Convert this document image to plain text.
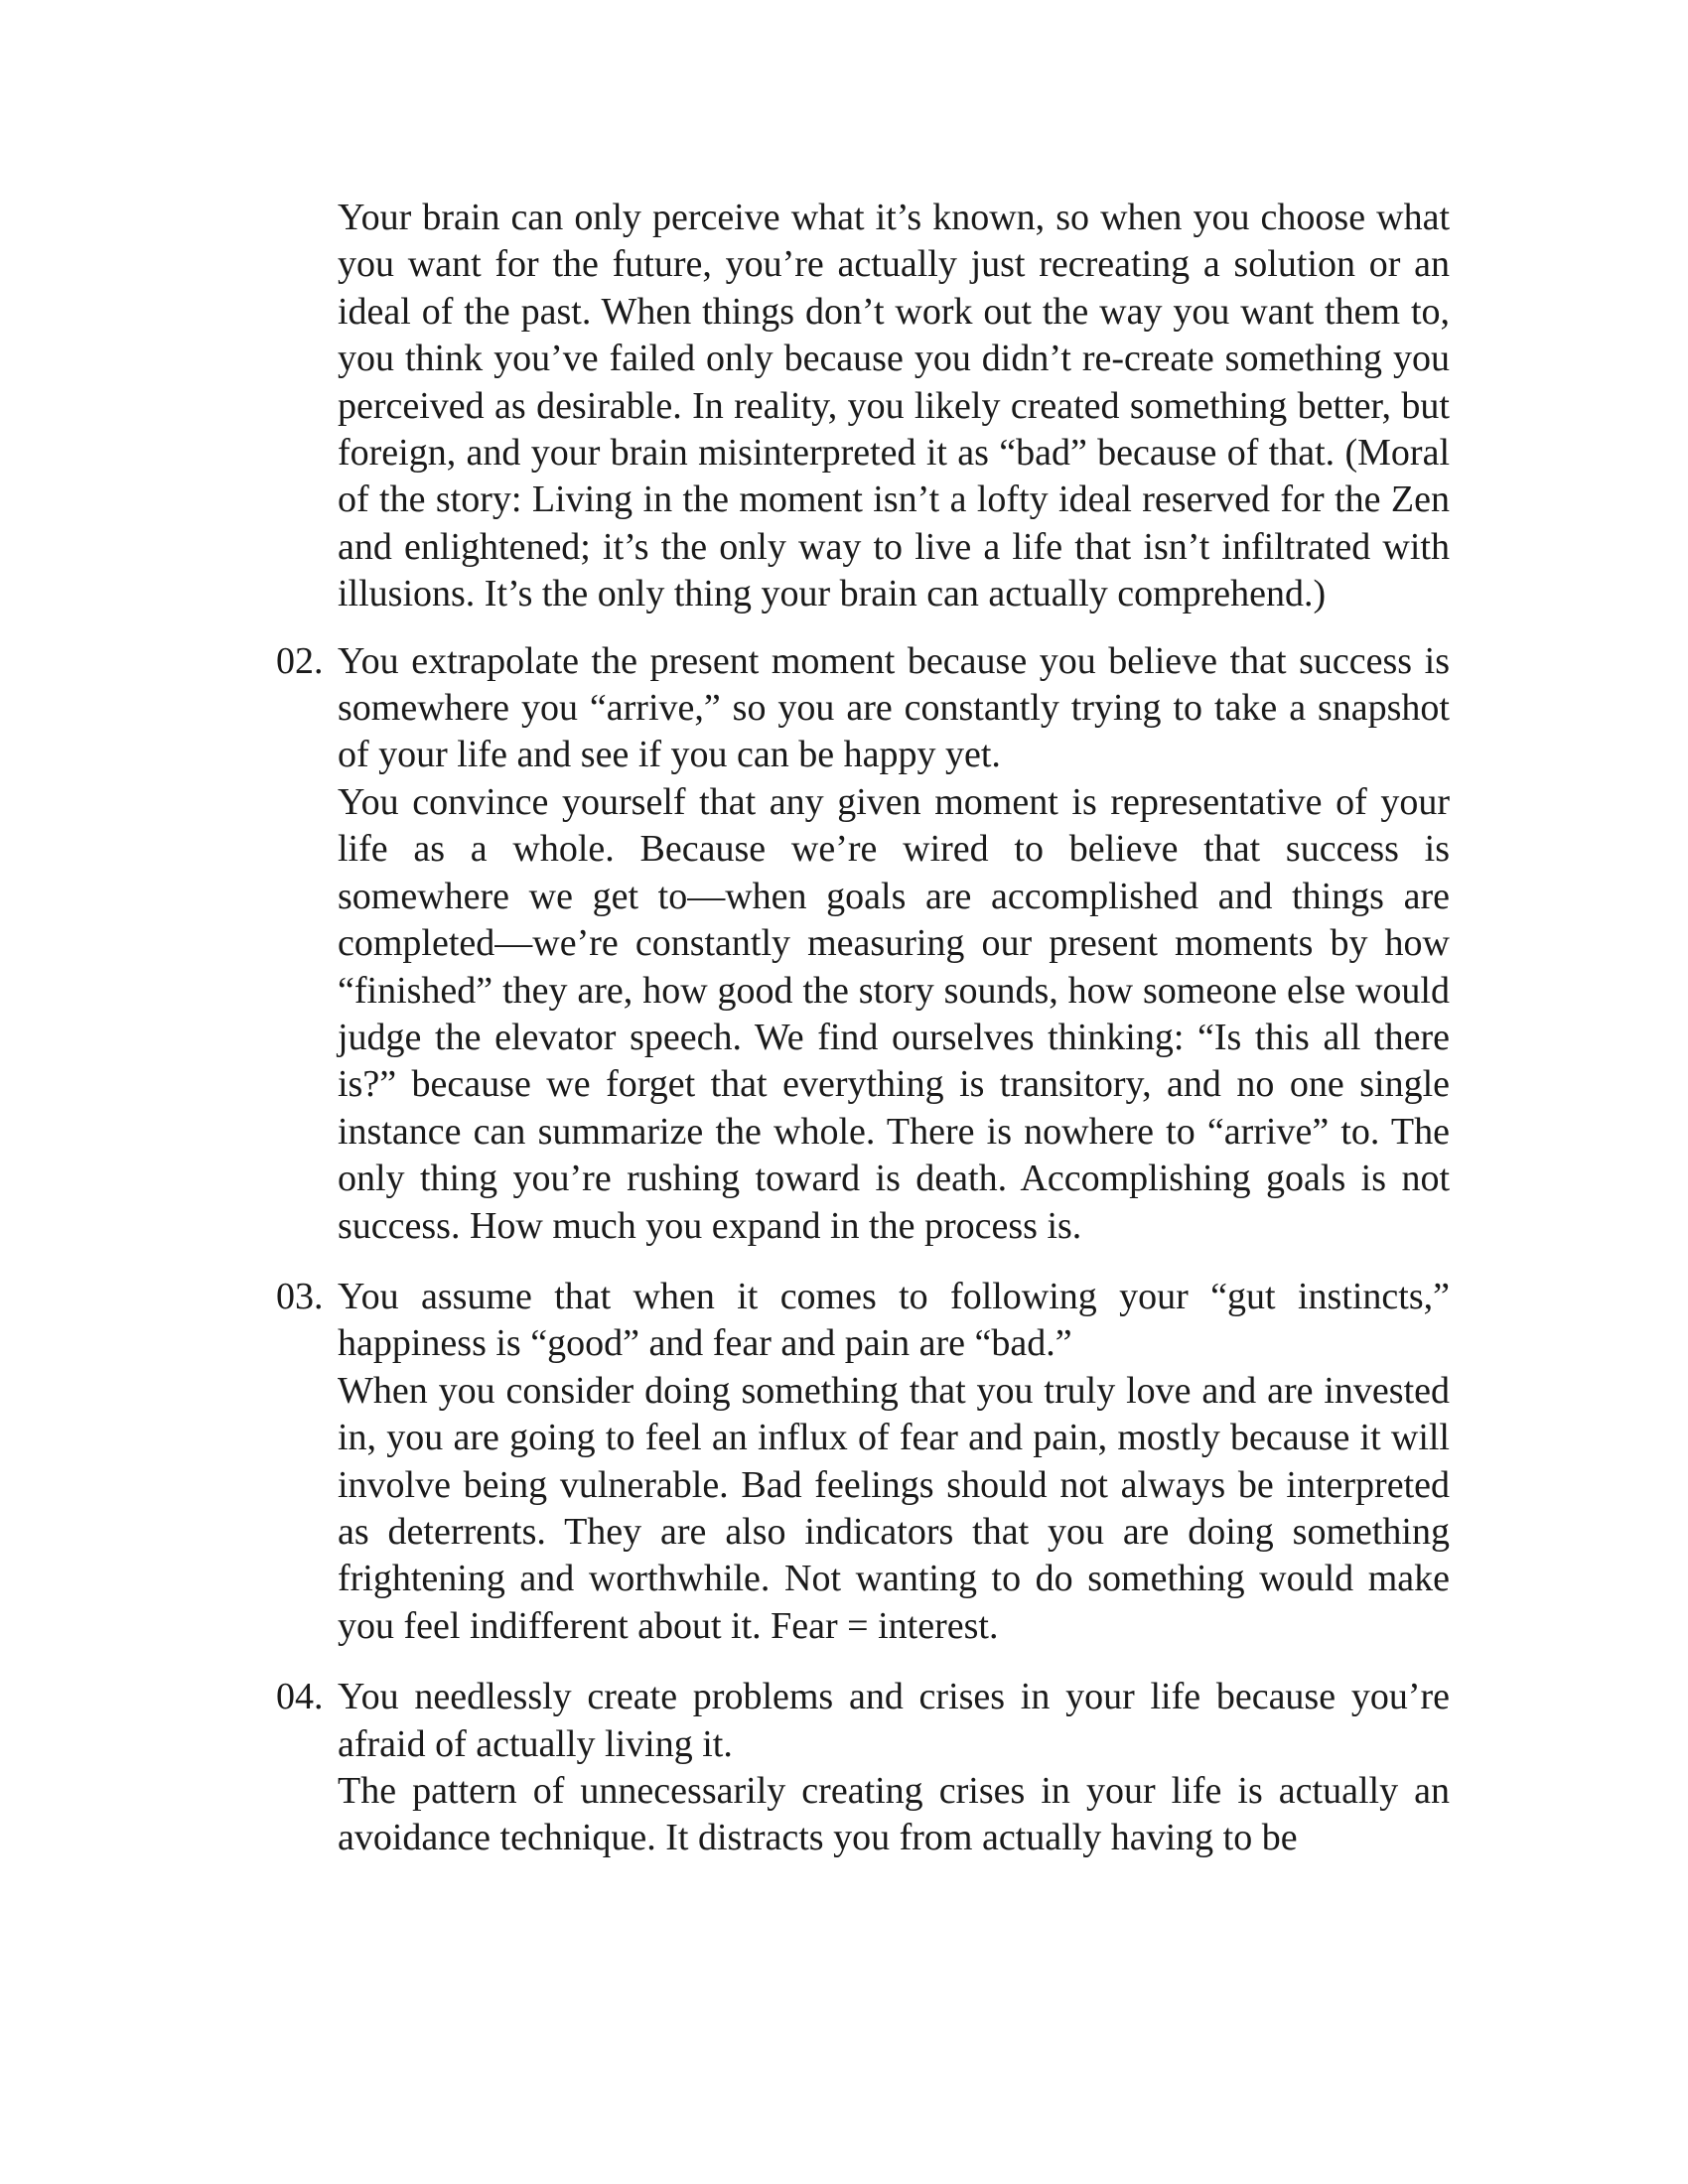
Your brain can only perceive what it’s known, so when you choose what you want for the future, you’re actually just recreating a solution or an ideal of the past. When things don’t work out the way you want them to, you think you’ve failed only because you didn’t re-create something you perceived as desirable. In reality, you likely created something better, but foreign, and your brain misinterpreted it as “bad” because of that. (Moral of the story: Living in the moment isn’t a lofty ideal reserved for the Zen and enlightened; it’s the only way to live a life that isn’t infiltrated with illusions. It’s the only thing your brain can actually comprehend.)

02. You extrapolate the present moment because you believe that success is somewhere you “arrive,” so you are constantly trying to take a snapshot of your life and see if you can be happy yet.

You convince yourself that any given moment is representative of your life as a whole. Because we’re wired to believe that success is somewhere we get to—when goals are accomplished and things are completed—we’re constantly measuring our present moments by how “finished” they are, how good the story sounds, how someone else would judge the elevator speech. We find ourselves thinking: “Is this all there is?” because we forget that everything is transitory, and no one single instance can summarize the whole. There is nowhere to “arrive” to. The only thing you’re rushing toward is death. Accomplishing goals is not success. How much you expand in the process is.

03. You assume that when it comes to following your “gut instincts,” happiness is “good” and fear and pain are “bad.”

When you consider doing something that you truly love and are invested in, you are going to feel an influx of fear and pain, mostly because it will involve being vulnerable. Bad feelings should not always be interpreted as deterrents. They are also indicators that you are doing something frightening and worthwhile. Not wanting to do something would make you feel indifferent about it. Fear = interest.

04. You needlessly create problems and crises in your life because you’re afraid of actually living it.

The pattern of unnecessarily creating crises in your life is actually an avoidance technique. It distracts you from actually having to be
